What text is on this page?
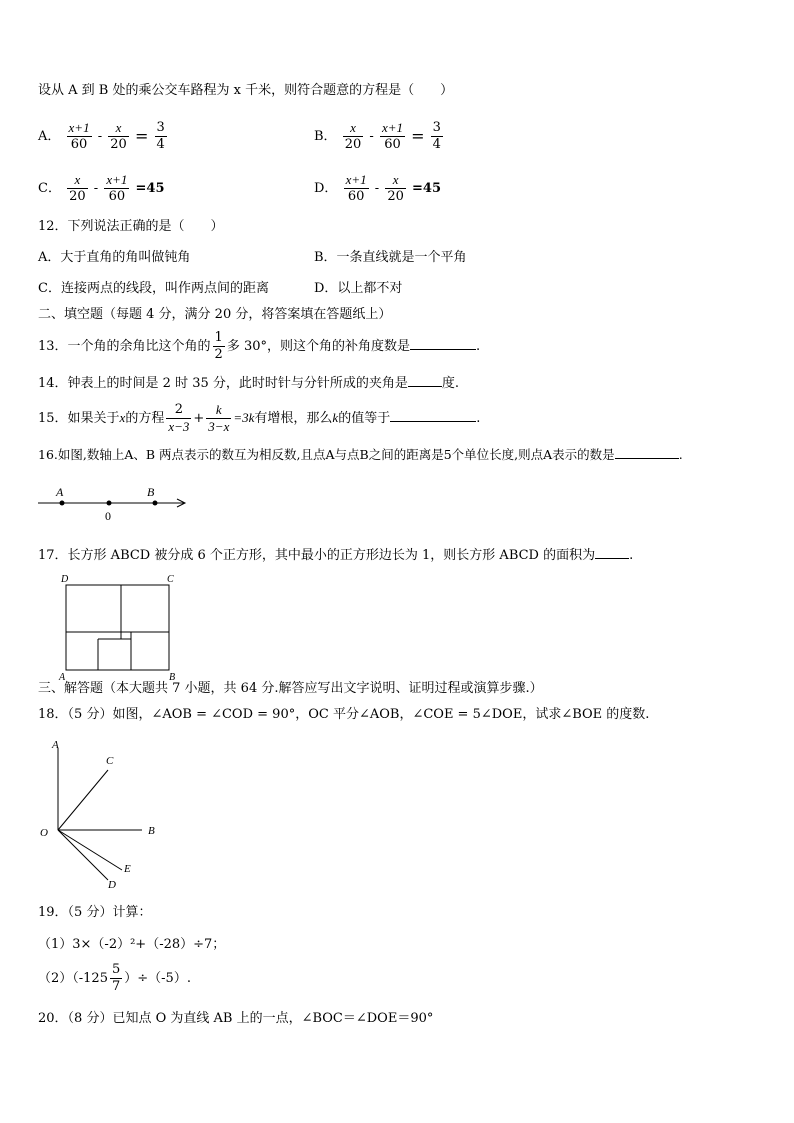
设从 A 到 B 处的乘公交车路程为 x 千米，则符合题意的方程是（　　）
A． $\frac{x+1}{60} - \frac{x}{20} = \frac{3}{4}$	B． $\frac{x}{20} - \frac{x+1}{60} = \frac{3}{4}$
C． $\frac{x}{20} - \frac{x+1}{60} =45$	D． $\frac{x+1}{60} - \frac{x}{20} =45$
12．下列说法正确的是（　　）
A．大于直角的角叫做钝角	B．一条直线就是一个平角
C．连接两点的线段，叫作两点间的距离	D．以上都不对
二、填空题（每题 4 分，满分 20 分，将答案填在答题纸上）
13．一个角的余角比这个角的 $\frac{1}{2}$ 多 30°，则这个角的补角度数是	.
14．钟表上的时间是 2 时 35 分，此时时针与分针所成的夹角是	度.
15．如果关于x的方程 $\frac{2}{x-3} + \frac{k}{3-x} =3k$有增根，那么k的值等于	.
16.如图,数轴上A、B 两点表示的数互为相反数,且点A与点B之间的距离是5个单位长度,则点A表示的数是	.
A	B
0
17．长方形 ABCD 被分成 6 个正方形，其中最小的正方形边长为 1，则长方形 ABCD 的面积为	.
D	C
A	B
三、解答题（本大题共 7 小题，共 64 分.解答应写出文字说明、证明过程或演算步骤.）
18．（5 分）如图，∠AOB = ∠COD = 90°，OC 平分∠AOB，∠COE = 5∠DOE，试求∠BOE 的度数.
A
C
B
O
E
D
19．（5 分）计算：
（1）3×（-2）²+（-28）÷7；
$(2)(-125 \frac{5}{7} )\div(-5)$.
20．（8 分）已知点 O 为直线 AB 上的一点，∠BOC＝∠DOE＝90°
